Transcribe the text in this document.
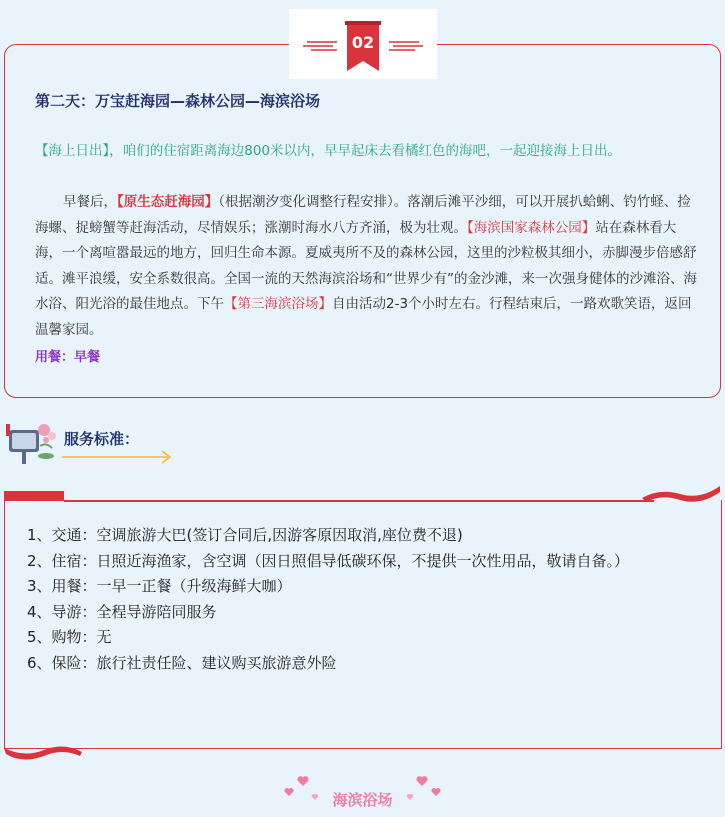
02
第二天：万宝赶海园—森林公园—海滨浴场
【海上日出】，咱们的住宿距离海边800米以内，早早起床去看橘红色的海吧，一起迎接海上日出。
早餐后，【原生态赶海园】（根据潮汐变化调整行程安排）。落潮后滩平沙细，可以开展扒蛤蜊、钓竹蛏、捡海螺、捉螃蟹等赶海活动，尽情娱乐；涨潮时海水八方齐涌，极为壮观。【海滨国家森林公园】站在森林看大海，一个离喧嚣最远的地方，回归生命本源。夏威夷所不及的森林公园，这里的沙粒极其细小，赤脚漫步倍感舒适。滩平浪缓，安全系数很高。全国一流的天然海滨浴场和“世界少有”的金沙滩，来一次强身健体的沙滩浴、海水浴、阳光浴的最佳地点。下午【第三海滨浴场】自由活动2-3个小时左右。行程结束后，一路欢歌笑语，返回温馨家园。
用餐：早餐
服务标准：
1、交通：空调旅游大巴(签订合同后,因游客原因取消,座位费不退)
2、住宿：日照近海渔家，含空调（因日照倡导低碳环保，不提供一次性用品，敬请自备。）
3、用餐：一早一正餐（升级海鲜大咖）
4、导游：全程导游陪同服务
5、购物：无
6、保险：旅行社责任险、建议购买旅游意外险
海滨浴场
